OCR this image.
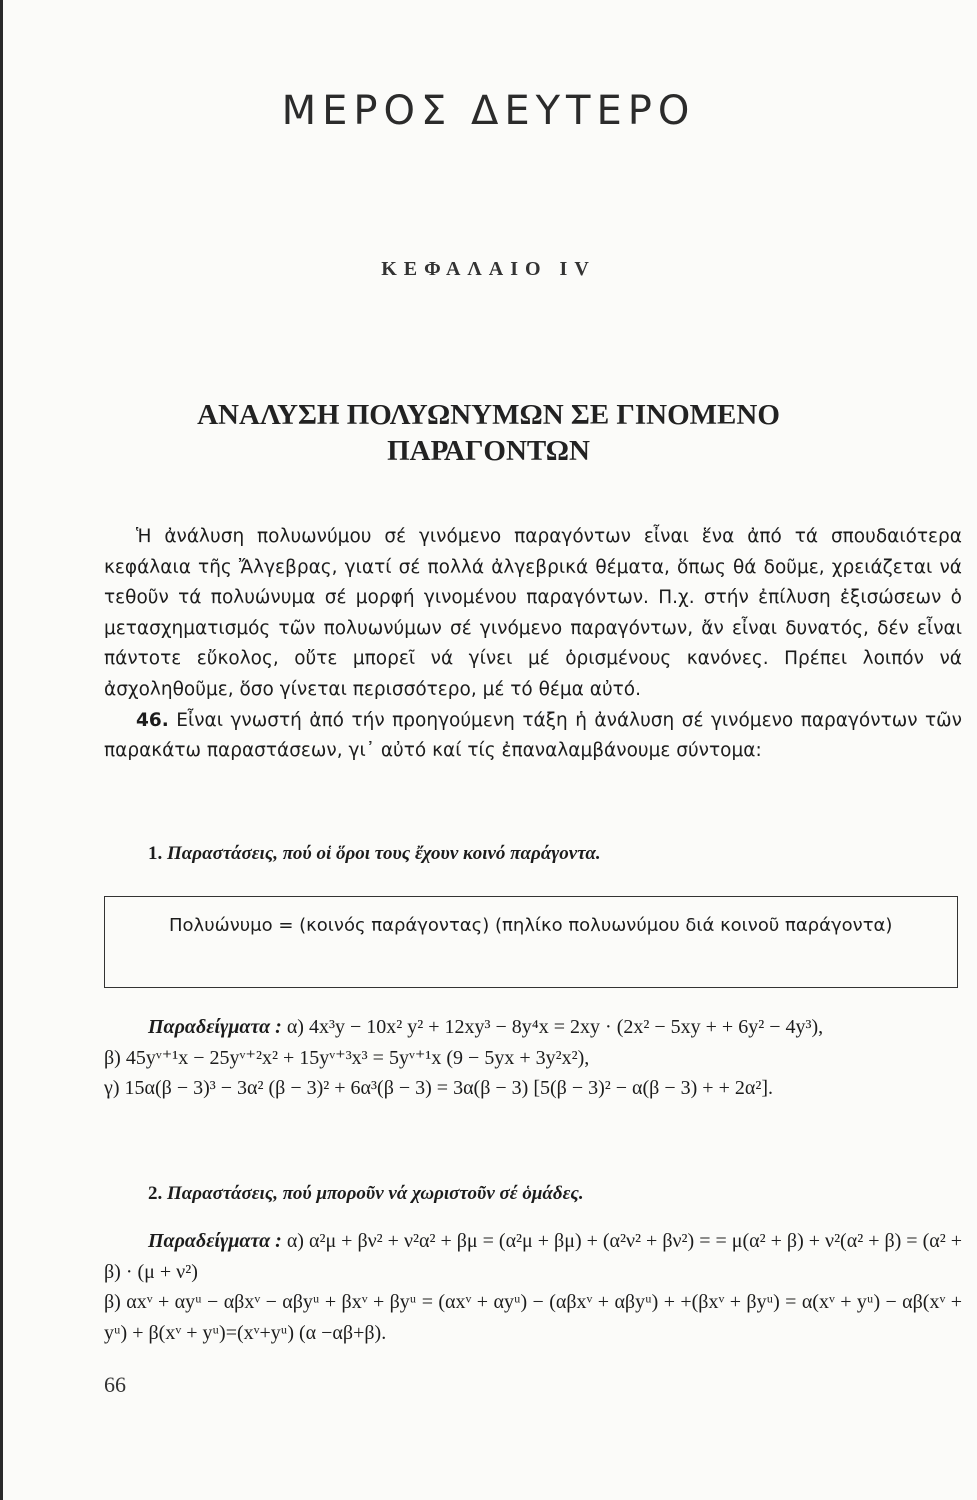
ΜΕΡΟΣ ΔΕΥΤΕΡΟ
ΚΕΦΑΛΑΙΟ IV
ΑΝΑΛΥΣΗ ΠΟΛΥΩΝΥΜΩΝ ΣΕ ΓΙΝΟΜΕΝΟ
ΠΑΡΑΓΟΝΤΩΝ

Ἡ ἀνάλυση πολυωνύμου σέ γινόμενο παραγόντων εἶναι ἕνα ἀπό τά σπουδαιότερα κεφάλαια τῆς Ἄλγεβρας, γιατί σέ πολλά ἀλγεβρικά θέματα, ὅπως θά δοῦμε, χρειάζεται νά τεθοῦν τά πολυώνυμα σέ μορφή γινομένου παραγόντων. Π.χ. στήν ἐπίλυση ἐξισώσεων ὁ μετασχηματισμός τῶν πολυωνύμων σέ γινόμενο παραγόντων, ἄν εἶναι δυνατός, δέν εἶναι πάντοτε εὔκολος, οὔτε μπορεῖ νά γίνει μέ ὁρισμένους κανόνες. Πρέπει λοιπόν νά ἀσχοληθοῦμε, ὅσο γίνεται περισσότερο, μέ τό θέμα αὐτό.

46. Εἶναι γνωστή ἀπό τήν προηγούμενη τάξη ἡ ἀνάλυση σέ γινόμενο παραγόντων τῶν παρακάτω παραστάσεων, γι᾽ αὐτό καί τίς ἐπαναλαμβάνουμε σύντομα:

1. Παραστάσεις, πού οἱ ὅροι τους ἔχουν κοινό παράγοντα.
Πολυώνυμο = (κοινός παράγοντας) (πηλίκο πολυωνύμου διά κοινοῦ παράγοντα)

Παραδείγματα : α) 4x³y − 10x² y² + 12xy³ − 8y⁴x = 2xy · (2x² − 5xy + + 6y² − 4y³),

β) 45yᵛ⁺¹x − 25yᵛ⁺²x² + 15yᵛ⁺³x³ = 5yᵛ⁺¹x (9 − 5yx + 3y²x²),

γ) 15α(β − 3)³ − 3α² (β − 3)² + 6α³(β − 3) = 3α(β − 3) [5(β − 3)² − α(β − 3) + + 2α²].

2. Παραστάσεις, πού μποροῦν νά χωριστοῦν σέ ὁμάδες.

Παραδείγματα : α) α²μ + βν² + ν²α² + βμ = (α²μ + βμ) + (α²ν² + βν²) = = μ(α² + β) + ν²(α² + β) = (α² + β) · (μ + ν²)

β) αxᵛ + αyᵘ − αβxᵛ − αβyᵘ + βxᵛ + βyᵘ = (αxᵛ + αyᵘ) − (αβxᵛ + αβyᵘ) + +(βxᵛ + βyᵘ) = α(xᵛ + yᵘ) − αβ(xᵛ + yᵘ) + β(xᵛ + yᵘ)=(xᵛ+yᵘ) (α −αβ+β).

66
